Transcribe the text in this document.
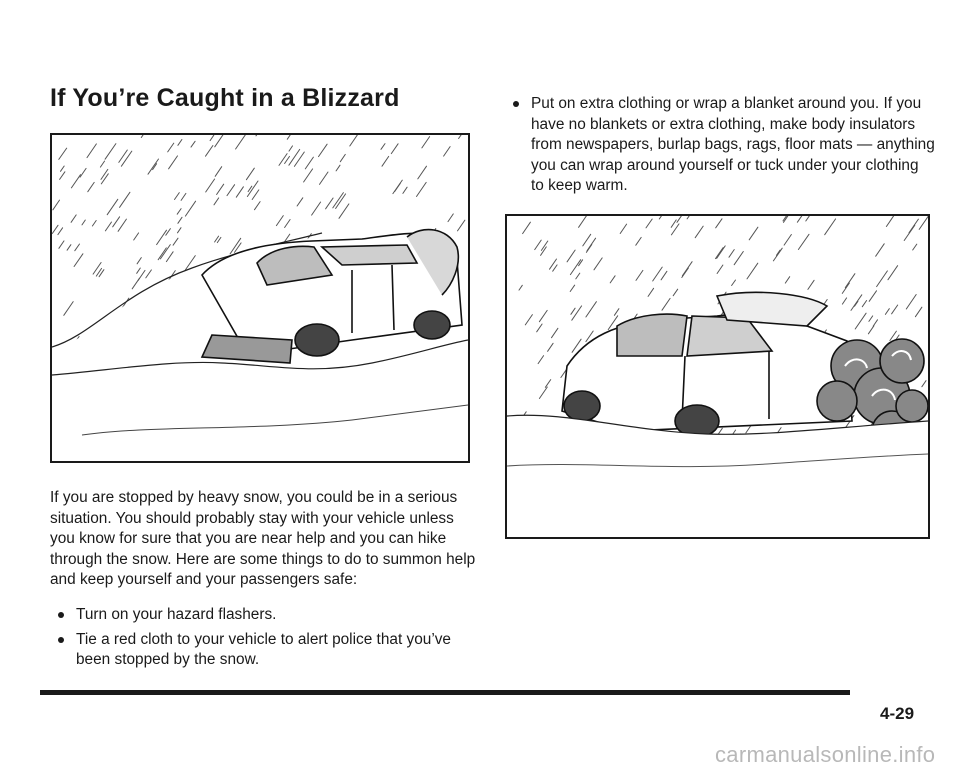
If You’re Caught in a Blizzard

If you are stopped by heavy snow, you could be in a serious situation. You should probably stay with your vehicle unless you know for sure that you are near help and you can hike through the snow. Here are some things to do to summon help and keep yourself and your passengers safe:

Turn on your hazard flashers.
Tie a red cloth to your vehicle to alert police that you’ve been stopped by the snow.
Put on extra clothing or wrap a blanket around you. If you have no blankets or extra clothing, make body insulators from newspapers, burlap bags, rags, floor mats — anything you can wrap around yourself or tuck under your clothing to keep warm.
4-29
carmanualsonline.info
